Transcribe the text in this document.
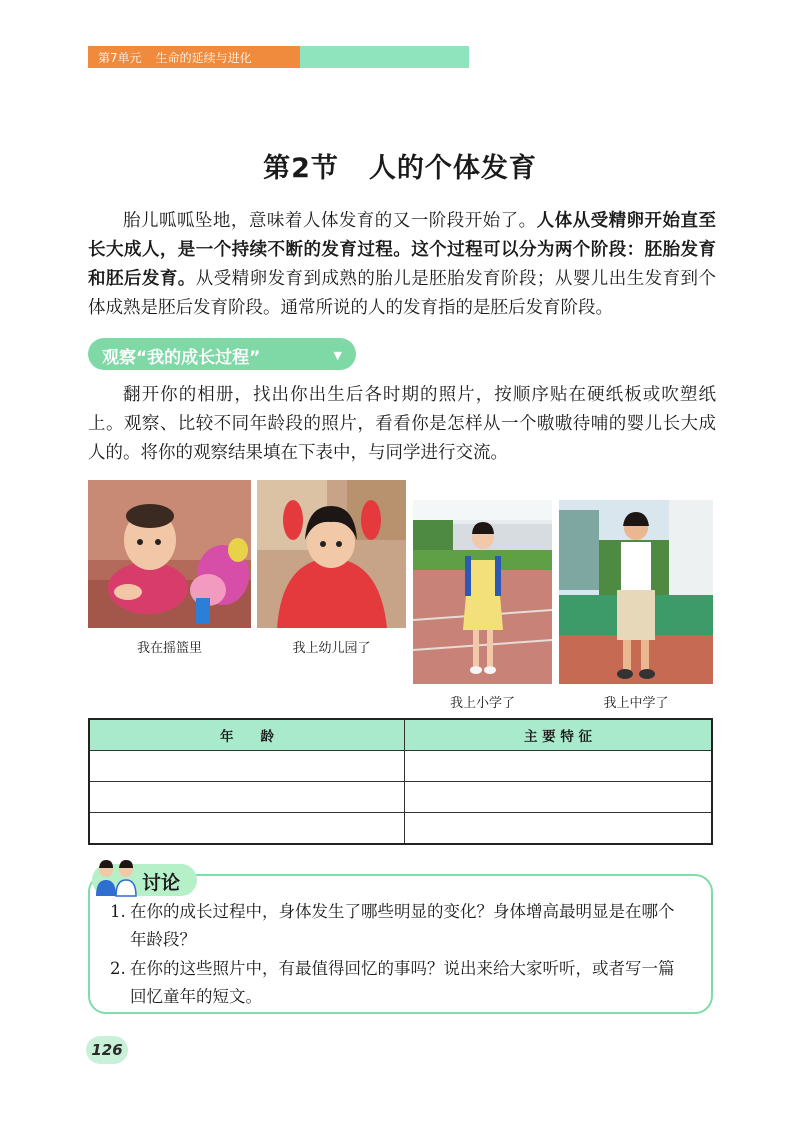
第7单元 生命的延续与进化
第2节 人的个体发育
胎儿呱呱坠地，意味着人体发育的又一阶段开始了。人体从受精卵开始直至长大成人，是一个持续不断的发育过程。这个过程可以分为两个阶段：胚胎发育和胚后发育。从受精卵发育到成熟的胎儿是胚胎发育阶段；从婴儿出生发育到个体成熟是胚后发育阶段。通常所说的人的发育指的是胚后发育阶段。
观察“我的成长过程”	▼
翻开你的相册，找出你出生后各时期的照片，按顺序贴在硬纸板或吹塑纸上。观察、比较不同年龄段的照片，看看你是怎样从一个嗷嗷待哺的婴儿长大成人的。将你的观察结果填在下表中，与同学进行交流。
我在摇篮里	我上幼儿园了
我上小学了	我上中学了
年　　龄	主 要 特 征

讨论
1. 在你的成长过程中，身体发生了哪些明显的变化？身体增高最明显是在哪个年龄段？
2. 在你的这些照片中，有最值得回忆的事吗？说出来给大家听听，或者写一篇回忆童年的短文。
126
